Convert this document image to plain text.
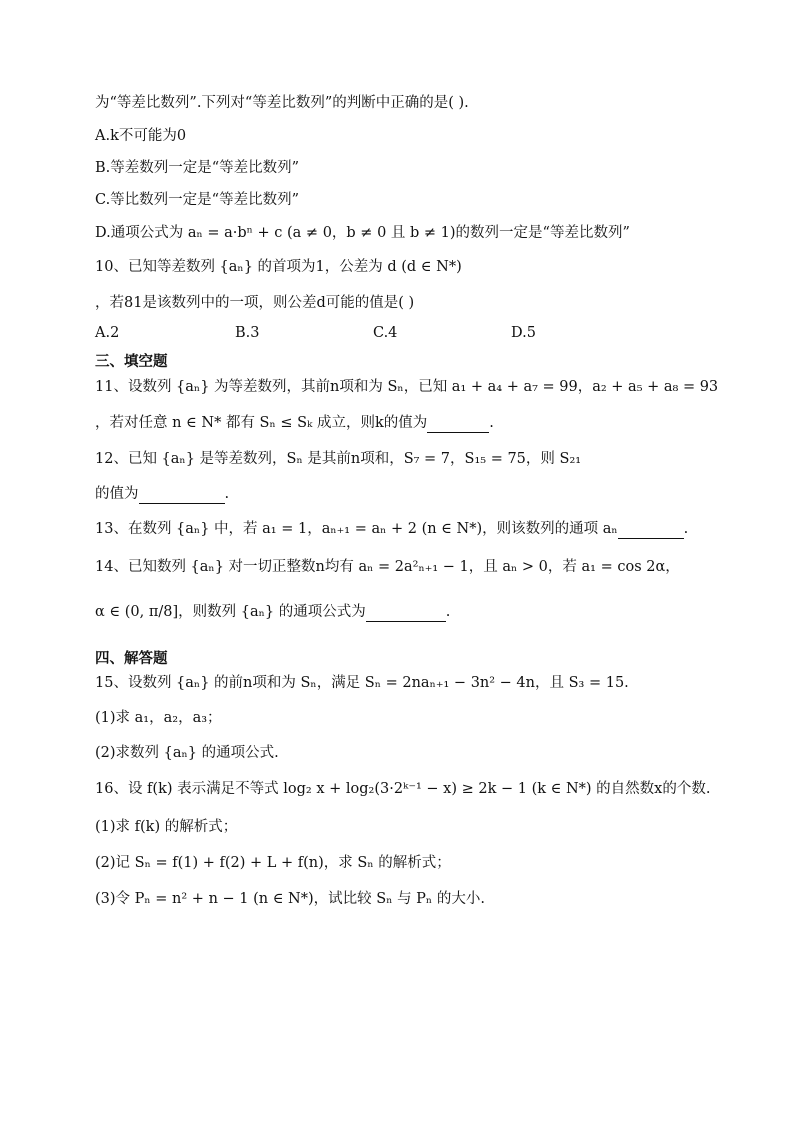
为“等差比数列”.下列对“等差比数列”的判断中正确的是( ).
A.k不可能为0
B.等差数列一定是“等差比数列”
C.等比数列一定是“等差比数列”
D.通项公式为 aₙ = a·bⁿ + c (a ≠ 0，b ≠ 0 且 b ≠ 1)的数列一定是“等差比数列”
10、已知等差数列 {aₙ} 的首项为1，公差为 d (d ∈ N*)
，若81是该数列中的一项，则公差d可能的值是( )
A.2	B.3	C.4	D.5
三、填空题
11、设数列 {aₙ} 为等差数列，其前n项和为 Sₙ，已知 a₁ + a₄ + a₇ = 99，a₂ + a₅ + a₈ = 93
，若对任意 n ∈ N* 都有 Sₙ ≤ Sₖ 成立，则k的值为	.
12、已知 {aₙ} 是等差数列，Sₙ 是其前n项和，S₇ = 7，S₁₅ = 75，则 S₂₁
的值为	.
13、在数列 {aₙ} 中，若 a₁ = 1，aₙ₊₁ = aₙ + 2 (n ∈ N*)，则该数列的通项 aₙ	.
14、已知数列 {aₙ} 对一切正整数n均有 aₙ = 2a²ₙ₊₁ − 1，且 aₙ > 0，若 a₁ = cos 2α，
α ∈ (0, π/8]，则数列 {aₙ} 的通项公式为	.
四、解答题
15、设数列 {aₙ} 的前n项和为 Sₙ，满足 Sₙ = 2naₙ₊₁ − 3n² − 4n，且 S₃ = 15.
(1)求 a₁，a₂，a₃；
(2)求数列 {aₙ} 的通项公式.
16、设 f(k) 表示满足不等式 log₂ x + log₂(3·2ᵏ⁻¹ − x) ≥ 2k − 1 (k ∈ N*) 的自然数x的个数.
(1)求 f(k) 的解析式；
(2)记 Sₙ = f(1) + f(2) + L + f(n)，求 Sₙ 的解析式；
(3)令 Pₙ = n² + n − 1 (n ∈ N*)，试比较 Sₙ 与 Pₙ 的大小.
